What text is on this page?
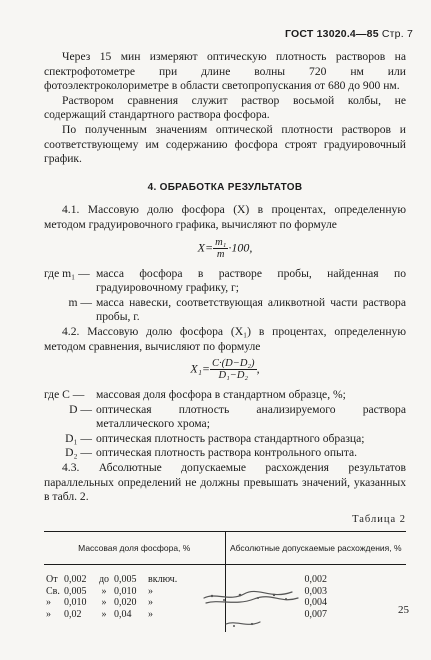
ГОСТ 13020.4—85 Стр. 7

Через 15 мин измеряют оптическую плотность растворов на спектрофотометре при длине волны 720 нм или фотоэлектроколориметре в области светопропускания от 680 до 900 нм.

Раствором сравнения служит раствор восьмой колбы, не содержащий стандартного раствора фосфора.

По полученным значениям оптической плотности растворов и соответствующему им содержанию фосфора строят градуировочный график.

4. ОБРАБОТКА РЕЗУЛЬТАТОВ

4.1. Массовую долю фосфора (X) в процентах, определенную методом градуировочного графика, вычисляют по формуле

$X= \frac{\text{m₁}}{m} \cdot 100$,
где m₁ — масса фосфора в растворе пробы, найденная по градуировочному графику, г;
m — масса навески, соответствующая аликвотной части раствора пробы, г.

4.2. Массовую долю фосфора (X₁) в процентах, определенную методом сравнения, вычисляют по формуле

$X_1= \frac{\text{C·(D−D₂)}}{\text{D₁−D₂}}$ ,
где C —	массовая доля фосфора в стандартном образце, %;
D — оптическая плотность анализируемого раствора металлического хрома;
D₁ — оптическая плотность раствора стандартного образца;
D₂ — оптическая плотность раствора контрольного опыта.

4.3. Абсолютные допускаемые расхождения результатов параллельных определений не должны превышать значений, указанных в табл. 2.

Таблица 2
Массовая доля фосфора, %	Абсолютные допускаемые расхождения, %
От 0,002 до 0,005 включ.	0,002
Св. 0,005 » 0,010 »	0,003
» 0,010 » 0,020 »	0,004
» 0,02 » 0,04 »	0,007	25
